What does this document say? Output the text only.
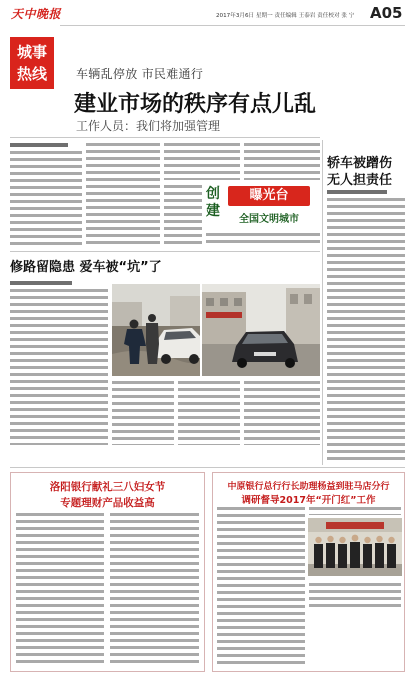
天中晚报
城事
热线
2017年3月6日 星期一 责任编辑 王泰岩 责任校对 张 宁 A05
车辆乱停放 市民难通行
建业市场的秩序有点儿乱
工作人员：我们将加强管理
创建
曝光台
全国文明城市
轿车被蹭伤
无人担责任
修路留隐患 爱车被“坑”了
洛阳银行献礼三八妇女节
专题理财产品收益高
中原银行总行行长助理杨益到驻马店分行
调研督导2017年“开门红”工作
